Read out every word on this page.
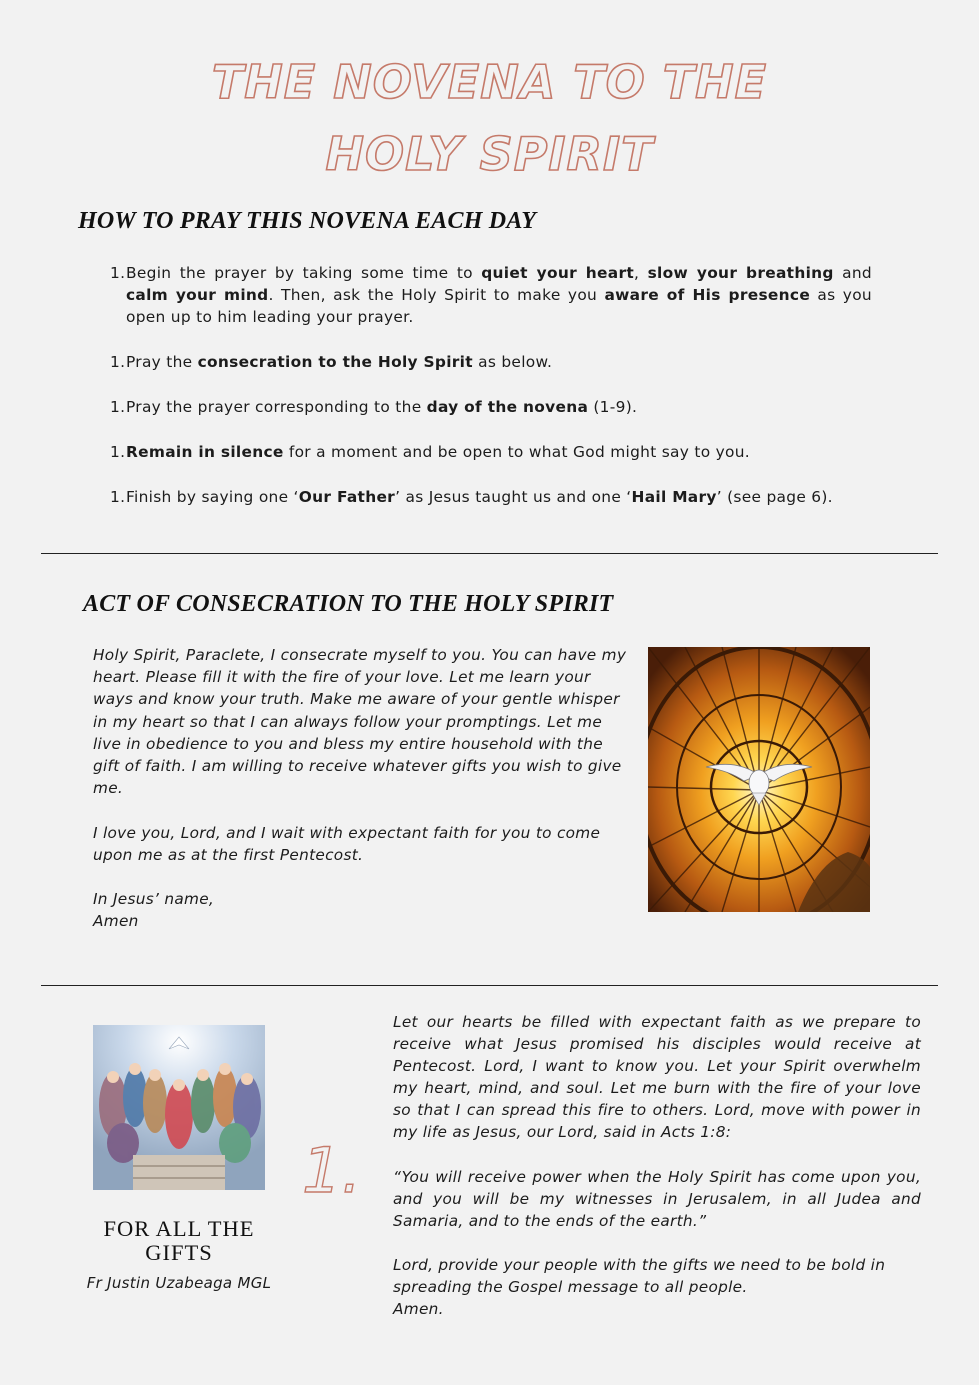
THE NOVENA TO THE
HOLY SPIRIT
HOW TO PRAY THIS NOVENA EACH DAY
1. Begin the prayer by taking some time to quiet your heart, slow your breathing and calm your mind. Then, ask the Holy Spirit to make you aware of His presence as you open up to him leading your prayer.
1. Pray the consecration to the Holy Spirit as below.
1. Pray the prayer corresponding to the day of the novena (1-9).
1. Remain in silence for a moment and be open to what God might say to you.
1. Finish by saying one ‘Our Father’ as Jesus taught us and one ‘Hail Mary’ (see page 6).
ACT OF CONSECRATION TO THE HOLY SPIRIT

Holy Spirit, Paraclete, I consecrate myself to you. You can have my heart. Please fill it with the fire of your love. Let me learn your ways and know your truth. Make me aware of your gentle whisper in my heart so that I can always follow your promptings. Let me live in obedience to you and bless my entire household with the gift of faith. I am willing to receive whatever gifts you wish to give me.

I love you, Lord, and I wait with expectant faith for you to come upon me as at the first Pentecost.

In Jesus’ name,
Amen

1.
FOR ALL THE GIFTS
Fr Justin Uzabeaga MGL

Let our hearts be filled with expectant faith as we prepare to receive what Jesus promised his disciples would receive at Pentecost. Lord, I want to know you. Let your Spirit overwhelm my heart, mind, and soul. Let me burn with the fire of your love so that I can spread this fire to others. Lord, move with power in my life as Jesus, our Lord, said in Acts 1:8:

“You will receive power when the Holy Spirit has come upon you, and you will be my witnesses in Jerusalem, in all Judea and Samaria, and to the ends of the earth.”

Lord, provide your people with the gifts we need to be bold in spreading the Gospel message to all people.
Amen.
